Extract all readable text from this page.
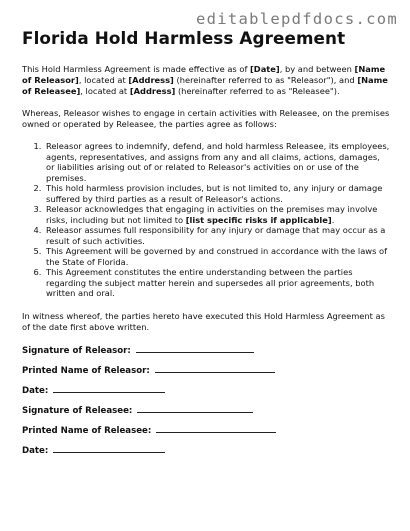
editablepdfdocs.com
Florida Hold Harmless Agreement

This Hold Harmless Agreement is made effective as of [Date], by and between [Name of Releasor], located at [Address] (hereinafter referred to as "Releasor"), and [Name of Releasee], located at [Address] (hereinafter referred to as "Releasee").

Whereas, Releasor wishes to engage in certain activities with Releasee, on the premises owned or operated by Releasee, the parties agree as follows:

1. Releasor agrees to indemnify, defend, and hold harmless Releasee, its employees, agents, representatives, and assigns from any and all claims, actions, damages, or liabilities arising out of or related to Releasor's activities on or use of the premises.
2. This hold harmless provision includes, but is not limited to, any injury or damage suffered by third parties as a result of Releasor's actions.
3. Releasor acknowledges that engaging in activities on the premises may involve risks, including but not limited to [list specific risks if applicable].
4. Releasor assumes full responsibility for any injury or damage that may occur as a result of such activities.
5. This Agreement will be governed by and construed in accordance with the laws of the State of Florida.
6. This Agreement constitutes the entire understanding between the parties regarding the subject matter herein and supersedes all prior agreements, both written and oral.

In witness whereof, the parties hereto have executed this Hold Harmless Agreement as of the date first above written.

Signature of Releasor:
Printed Name of Releasor:
Date:
Signature of Releasee:
Printed Name of Releasee:
Date:
